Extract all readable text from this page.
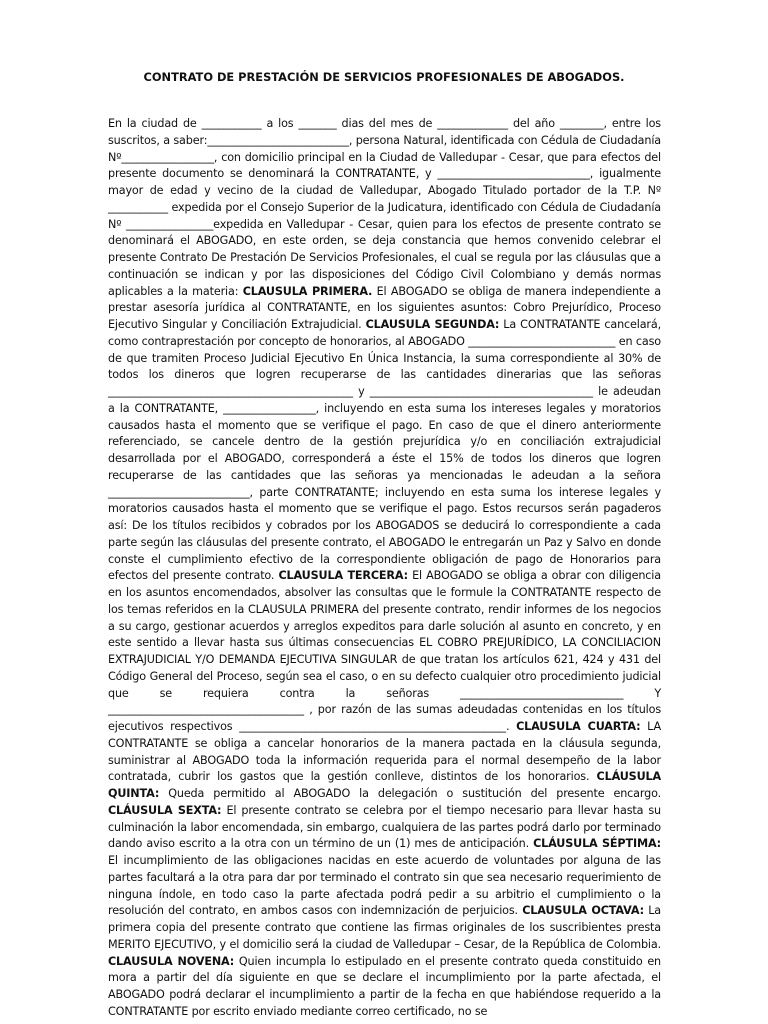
CONTRATO DE PRESTACIÓN DE SERVICIOS PROFESIONALES DE ABOGADOS.

En la ciudad de ___________ a los _______ dias del mes de _____________ del año ________, entre los suscritos, a saber:__________________________, persona Natural, identificada con Cédula de Ciudadanía Nº_________________, con domicilio principal en la Ciudad de Valledupar - Cesar, que para efectos del presente documento se denominará la CONTRATANTE, y ____________________________, igualmente mayor de edad y vecino de la ciudad de Valledupar, Abogado Titulado portador de la T.P. Nº ___________ expedida por el Consejo Superior de la Judicatura, identificado con Cédula de Ciudadanía Nº ________________expedida en Valledupar - Cesar, quien para los efectos de presente contrato se denominará el ABOGADO, en este orden, se deja constancia que hemos convenido celebrar el presente Contrato De Prestación De Servicios Profesionales, el cual se regula por las cláusulas que a continuación se indican y por las disposiciones del Código Civil Colombiano y demás normas aplicables a la materia: CLAUSULA PRIMERA. El ABOGADO se obliga de manera independiente a prestar asesoría jurídica al CONTRATANTE, en los siguientes asuntos: Cobro Prejurídico, Proceso Ejecutivo Singular y Conciliación Extrajudicial. CLAUSULA SEGUNDA: La CONTRATANTE cancelará, como contraprestación por concepto de honorarios, al ABOGADO ___________________________ en caso de que tramiten Proceso Judicial Ejecutivo En Única Instancia, la suma correspondiente al 30% de todos los dineros que logren recuperarse de las cantidades dinerarias que las señoras _____________________________________________ y _________________________________________ le adeudan a la CONTRATANTE, _________________, incluyendo en esta suma los intereses legales y moratorios causados hasta el momento que se verifique el pago. En caso de que el dinero anteriormente referenciado, se cancele dentro de la gestión prejurídica y/o en conciliación extrajudicial desarrollada por el ABOGADO, corresponderá a éste el 15% de todos los dineros que logren recuperarse de las cantidades que las señoras ya mencionadas le adeudan a la señora __________________________, parte CONTRATANTE; incluyendo en esta suma los interese legales y moratorios causados hasta el momento que se verifique el pago. Estos recursos serán pagaderos así: De los títulos recibidos y cobrados por los ABOGADOS se deducirá lo correspondiente a cada parte según las cláusulas del presente contrato, el ABOGADO le entregarán un Paz y Salvo en donde conste el cumplimiento efectivo de la correspondiente obligación de pago de Honorarios para efectos del presente contrato. CLAUSULA TERCERA: El ABOGADO se obliga a obrar con diligencia en los asuntos encomendados, absolver las consultas que le formule la CONTRATANTE respecto de los temas referidos en la CLAUSULA PRIMERA del presente contrato, rendir informes de los negocios a su cargo, gestionar acuerdos y arreglos expeditos para darle solución al asunto en concreto, y en este sentido a llevar hasta sus últimas consecuencias EL COBRO PREJURÍDICO, LA CONCILIACION EXTRAJUDICIAL Y/O DEMANDA EJECUTIVA SINGULAR de que tratan los artículos 621, 424 y 431 del Código General del Proceso, según sea el caso, o en su defecto cualquier otro procedimiento judicial que se requiera contra la señoras ______________________________ Y ____________________________________ , por razón de las sumas adeudadas contenidas en los títulos ejecutivos respectivos _________________________________________________. CLAUSULA CUARTA: LA CONTRATANTE se obliga a cancelar honorarios de la manera pactada en la cláusula segunda, suministrar al ABOGADO toda la información requerida para el normal desempeño de la labor contratada, cubrir los gastos que la gestión conlleve, distintos de los honorarios. CLÁUSULA QUINTA: Queda permitido al ABOGADO la delegación o sustitución del presente encargo. CLÁUSULA SEXTA: El presente contrato se celebra por el tiempo necesario para llevar hasta su culminación la labor encomendada, sin embargo, cualquiera de las partes podrá darlo por terminado dando aviso escrito a la otra con un término de un (1) mes de anticipación. CLÁUSULA SÉPTIMA: El incumplimiento de las obligaciones nacidas en este acuerdo de voluntades por alguna de las partes facultará a la otra para dar por terminado el contrato sin que sea necesario requerimiento de ninguna índole, en todo caso la parte afectada podrá pedir a su arbitrio el cumplimiento o la resolución del contrato, en ambos casos con indemnización de perjuicios. CLAUSULA OCTAVA: La primera copia del presente contrato que contiene las firmas originales de los suscribientes presta MERITO EJECUTIVO, y el domicilio será la ciudad de Valledupar – Cesar, de la República de Colombia. CLAUSULA NOVENA: Quien incumpla lo estipulado en el presente contrato queda constituido en mora a partir del día siguiente en que se declare el incumplimiento por la parte afectada, el ABOGADO podrá declarar el incumplimiento a partir de la fecha en que habiéndose requerido a la CONTRATANTE por escrito enviado mediante correo certificado, no se
